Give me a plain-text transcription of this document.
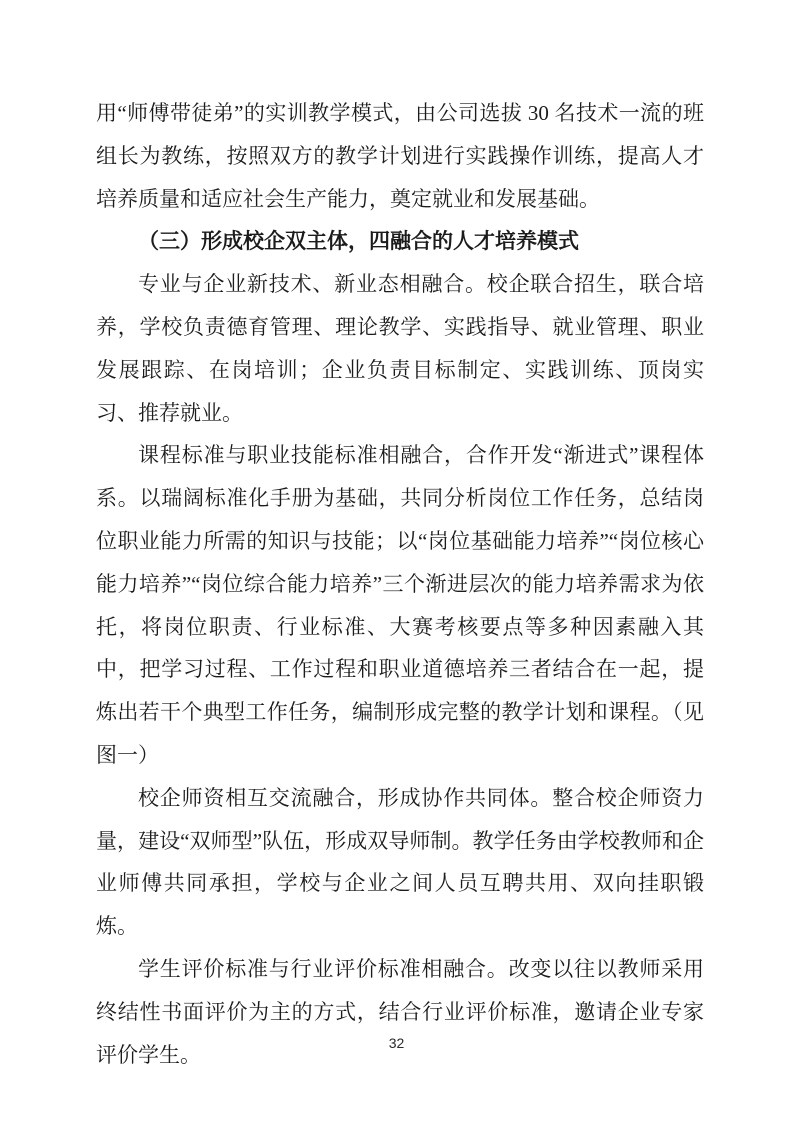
用“师傅带徒弟”的实训教学模式，由公司选拔 30 名技术一流的班组长为教练，按照双方的教学计划进行实践操作训练，提高人才培养质量和适应社会生产能力，奠定就业和发展基础。

（三）形成校企双主体，四融合的人才培养模式

专业与企业新技术、新业态相融合。校企联合招生，联合培养，学校负责德育管理、理论教学、实践指导、就业管理、职业发展跟踪、在岗培训；企业负责目标制定、实践训练、顶岗实习、推荐就业。

课程标准与职业技能标准相融合，合作开发“渐进式”课程体系。以瑞阔标准化手册为基础，共同分析岗位工作任务，总结岗位职业能力所需的知识与技能；以“岗位基础能力培养”“岗位核心能力培养”“岗位综合能力培养”三个渐进层次的能力培养需求为依托，将岗位职责、行业标准、大赛考核要点等多种因素融入其中，把学习过程、工作过程和职业道德培养三者结合在一起，提炼出若干个典型工作任务，编制形成完整的教学计划和课程。（见图一）

校企师资相互交流融合，形成协作共同体。整合校企师资力量，建设“双师型”队伍，形成双导师制。教学任务由学校教师和企业师傅共同承担，学校与企业之间人员互聘共用、双向挂职锻炼。

学生评价标准与行业评价标准相融合。改变以往以教师采用终结性书面评价为主的方式，结合行业评价标准，邀请企业专家评价学生。	32
